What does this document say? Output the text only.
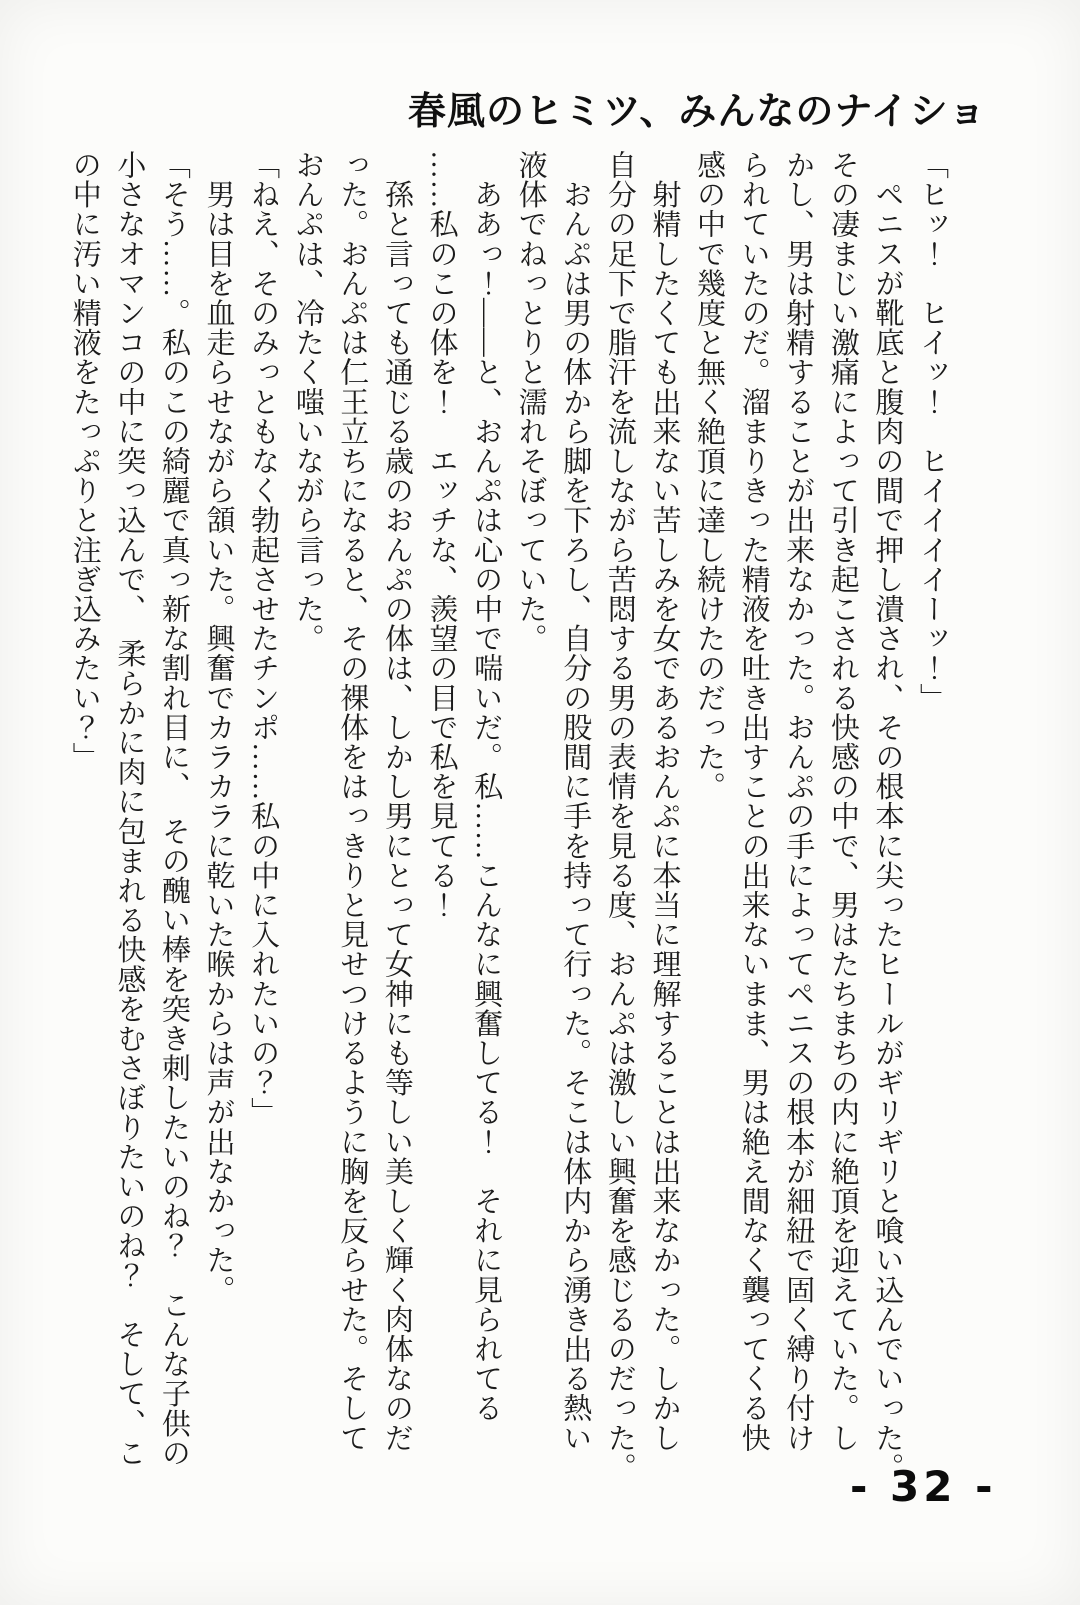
春風のヒミツ、みんなのナイショ

「ヒッ！　ヒイッ！　ヒイイイイーッ！」

　ペニスが靴底と腹肉の間で押し潰され、その根本に尖ったヒールがギリギリと喰い込んでいった。

その凄まじい激痛によって引き起こされる快感の中で、男はたちまちの内に絶頂を迎えていた。し

かし、男は射精することが出来なかった。おんぷの手によってペニスの根本が細紐で固く縛り付け

られていたのだ。溜まりきった精液を吐き出すことの出来ないまま、男は絶え間なく襲ってくる快

感の中で幾度と無く絶頂に達し続けたのだった。

　射精したくても出来ない苦しみを女であるおんぷに本当に理解することは出来なかった。しかし

自分の足下で脂汗を流しながら苦悶する男の表情を見る度、おんぷは激しい興奮を感じるのだった。

　おんぷは男の体から脚を下ろし、自分の股間に手を持って行った。そこは体内から湧き出る熱い

液体でねっとりと濡れそぼっていた。

　ああっ！――と、おんぷは心の中で喘いだ。私……こんなに興奮してる！　それに見られてる

……私のこの体を！　エッチな、羨望の目で私を見てる！

　孫と言っても通じる歳のおんぷの体は、しかし男にとって女神にも等しい美しく輝く肉体なのだ

った。おんぷは仁王立ちになると、その裸体をはっきりと見せつけるように胸を反らせた。そして

おんぷは、冷たく嗤いながら言った。

「ねえ、そのみっともなく勃起させたチンポ……私の中に入れたいの？」

　男は目を血走らせながら頷いた。興奮でカラカラに乾いた喉からは声が出なかった。

「そう……。私のこの綺麗で真っ新な割れ目に、　その醜い棒を突き刺したいのね？　こんな子供の

小さなオマンコの中に突っ込んで、　柔らかに肉に包まれる快感をむさぼりたいのね？　そして、こ

の中に汚い精液をたっぷりと注ぎ込みたい？」

- 32 -
